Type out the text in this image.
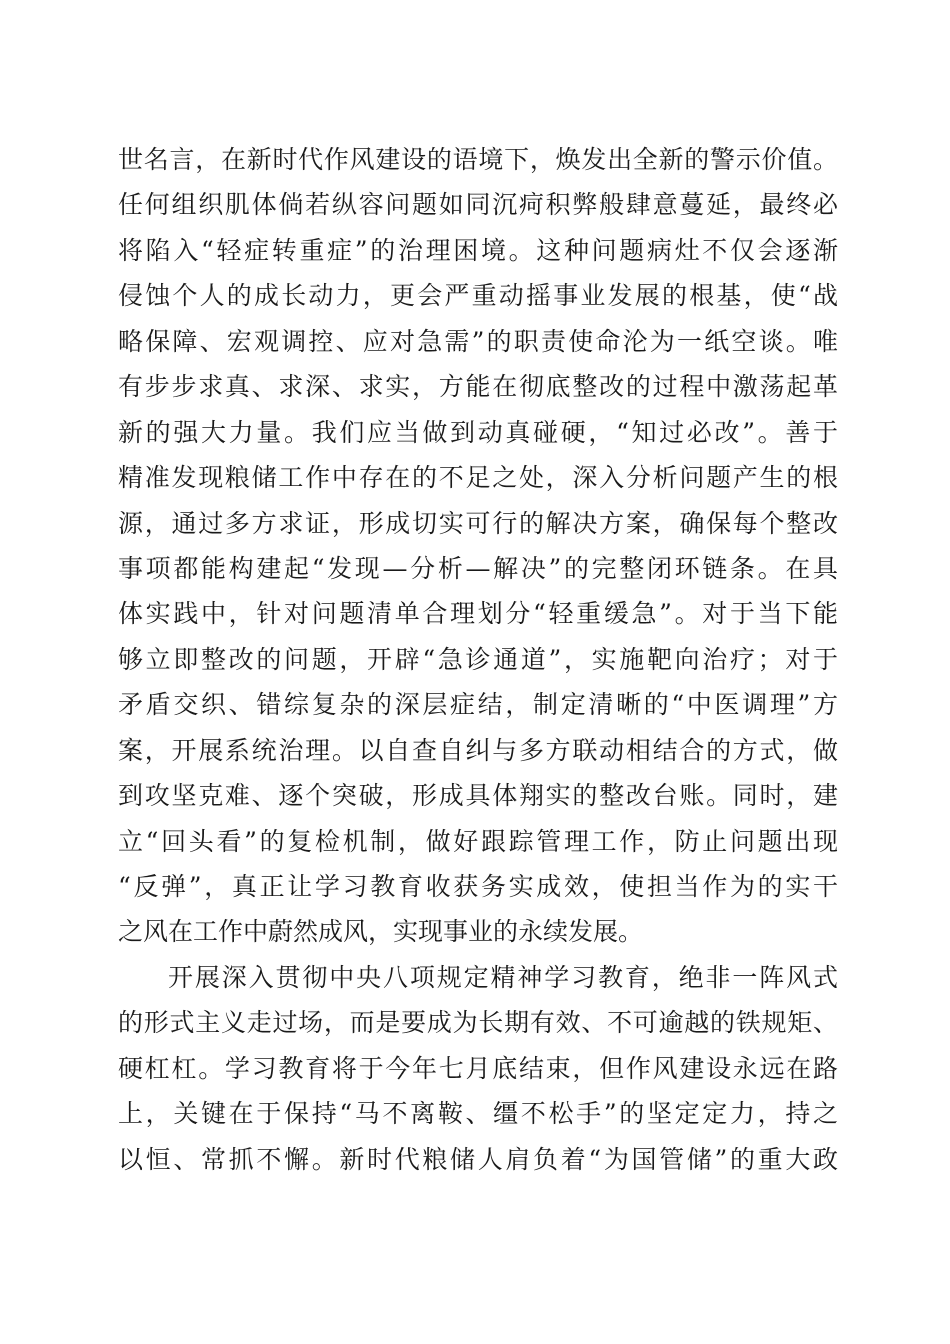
世名言，在新时代作风建设的语境下，焕发出全新的警示价值。
任何组织肌体倘若纵容问题如同沉疴积弊般肆意蔓延，最终必
将陷入“轻症转重症”的治理困境。这种问题病灶不仅会逐渐
侵蚀个人的成长动力，更会严重动摇事业发展的根基，使“战
略保障、宏观调控、应对急需”的职责使命沦为一纸空谈。唯
有步步求真、求深、求实，方能在彻底整改的过程中激荡起革
新的强大力量。我们应当做到动真碰硬，“知过必改”。善于
精准发现粮储工作中存在的不足之处，深入分析问题产生的根
源，通过多方求证，形成切实可行的解决方案，确保每个整改
事项都能构建起“发现—分析—解决”的完整闭环链条。在具
体实践中，针对问题清单合理划分“轻重缓急”。对于当下能
够立即整改的问题，开辟“急诊通道”，实施靶向治疗；对于
矛盾交织、错综复杂的深层症结，制定清晰的“中医调理”方
案，开展系统治理。以自查自纠与多方联动相结合的方式，做
到攻坚克难、逐个突破，形成具体翔实的整改台账。同时，建
立“回头看”的复检机制，做好跟踪管理工作，防止问题出现
“反弹”，真正让学习教育收获务实成效，使担当作为的实干
之风在工作中蔚然成风，实现事业的永续发展。
开展深入贯彻中央八项规定精神学习教育，绝非一阵风式
的形式主义走过场，而是要成为长期有效、不可逾越的铁规矩、
硬杠杠。学习教育将于今年七月底结束，但作风建设永远在路
上，关键在于保持“马不离鞍、缰不松手”的坚定定力，持之
以恒、常抓不懈。新时代粮储人肩负着“为国管储”的重大政
